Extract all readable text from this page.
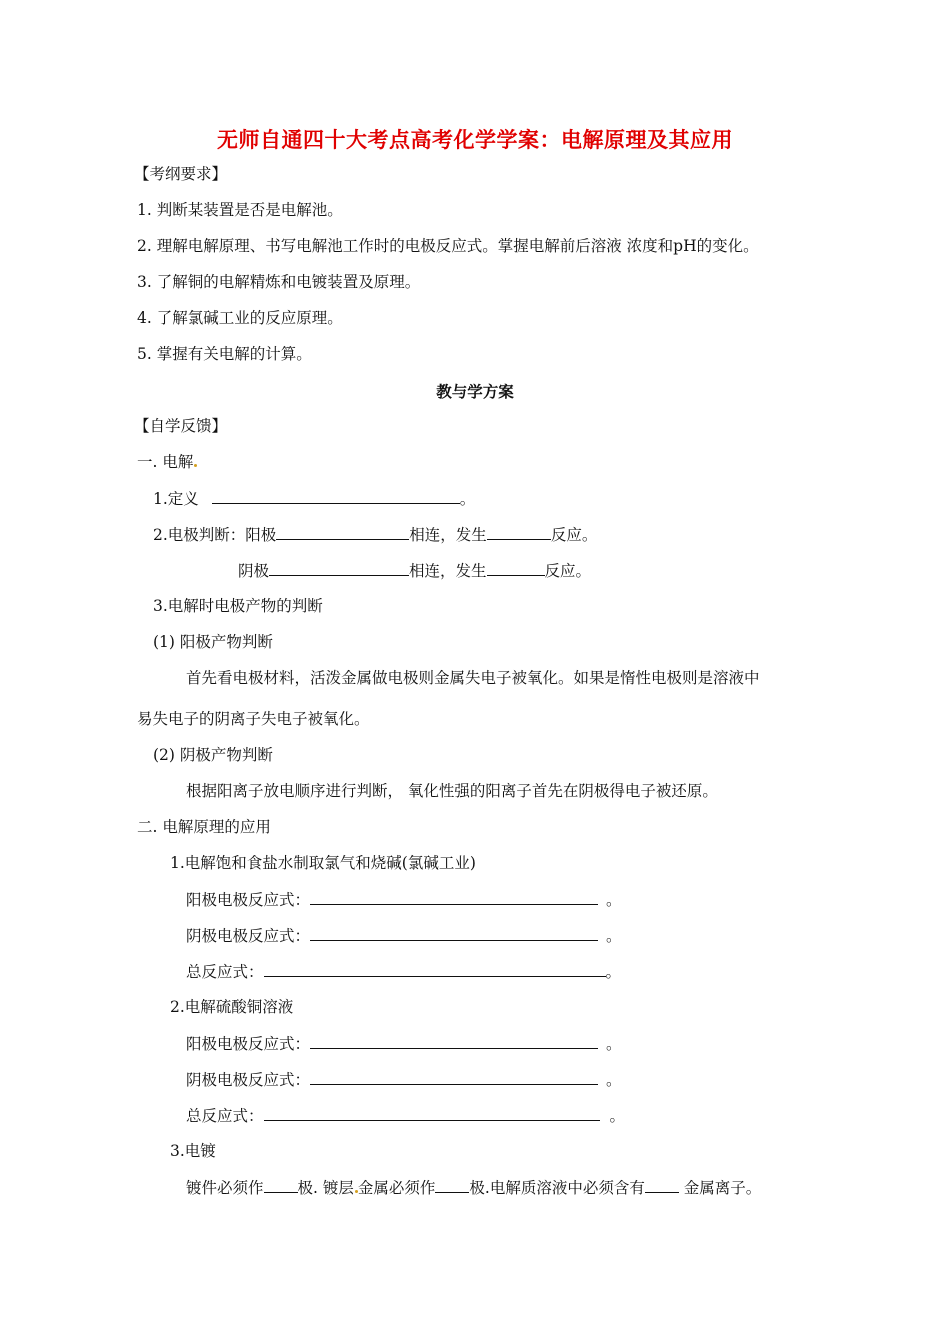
无师自通四十大考点高考化学学案：电解原理及其应用
【考纲要求】
1. 判断某装置是否是电解池。
2. 理解电解原理、书写电解池工作时的电极反应式。掌握电解前后溶液 浓度和pH的变化。
3. 了解铜的电解精炼和电镀装置及原理。
4. 了解氯碱工业的反应原理。
5. 掌握有关电解的计算。
教与学方案
【自学反馈】
一. 电解
1.定义	。
2.电极判断：阳极	相连，发生	反应。
阴极	相连，发生	反应。
3.电解时电极产物的判断
(1) 阳极产物判断
首先看电极材料，活泼金属做电极则金属失电子被氧化。如果是惰性电极则是溶液中
易失电子的阴离子失电子被氧化。
(2) 阴极产物判断
根据阳离子放电顺序进行判断， 氧化性强的阳离子首先在阴极得电子被还原。
二. 电解原理的应用
1.电解饱和食盐水制取氯气和烧碱(氯碱工业)
阳极电极反应式：	。
阴极电极反应式：	。
总反应式：	。
2.电解硫酸铜溶液
阳极电极反应式：	。
阴极电极反应式：	。
总反应式：	。
3.电镀
镀件必须作 极. 镀层 金属必须作 极.电解质溶液中必须含有 金属离子。
